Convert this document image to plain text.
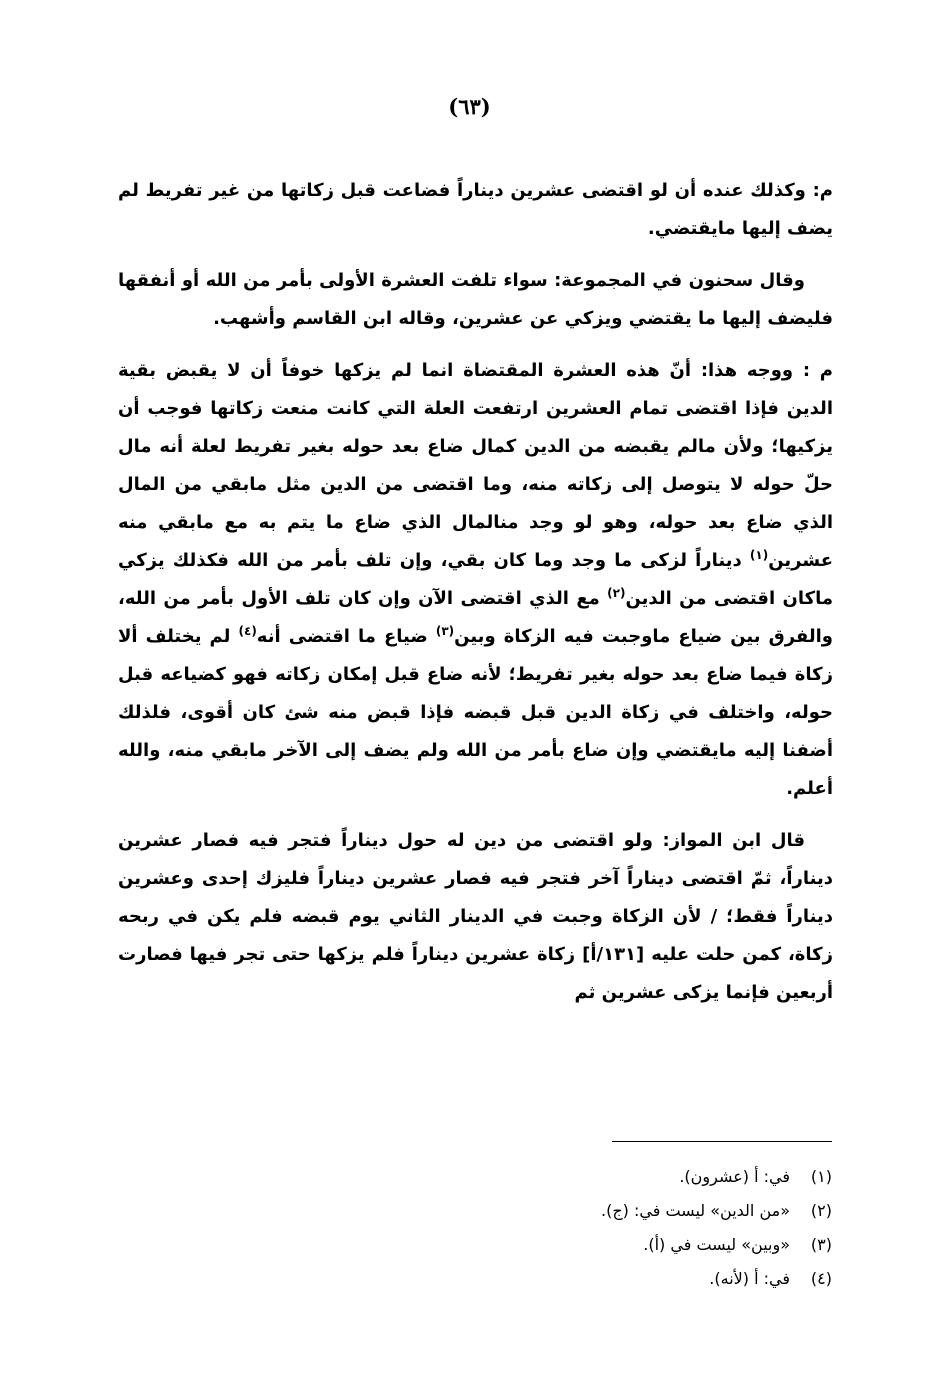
(٦٣)

م: وكذلك عنده أن لو اقتضى عشرين ديناراً فضاعت قبل زكاتها من غير تفريط لم يضف إليها مايقتضي.

وقال سحنون في المجموعة: سواء تلفت العشرة الأولى بأمر من الله أو أنفقها فليضف إليها ما يقتضي ويزكي عن عشرين، وقاله ابن القاسم وأشهب.

م : ووجه هذا: أنّ هذه العشرة المقتضاة انما لم يزكها خوفاً أن لا يقبض بقية الدين فإذا اقتضى تمام العشرين ارتفعت العلة التي كانت منعت زكاتها فوجب أن يزكيها؛ ولأن مالم يقبضه من الدين كمال ضاع بعد حوله بغير تفريط لعلة أنه مال حلّ حوله لا يتوصل إلى زكاته منه، وما اقتضى من الدين مثل مابقي من المال الذي ضاع بعد حوله، وهو لو وجد منالمال الذي ضاع ما يتم به مع مابقي منه عشرين$^{(١)}$ ديناراً لزكى ما وجد وما كان بقي، وإن تلف بأمر من الله فكذلك يزكي ماكان اقتضى من الدين$^{(٢)}$ مع الذي اقتضى الآن وإن كان تلف الأول بأمر من الله، والفرق بين ضياع ماوجبت فيه الزكاة وبين$^{(٣)}$ ضياع ما اقتضى أنه$^{(٤)}$ لم يختلف ألا زكاة فيما ضاع بعد حوله بغير تفريط؛ لأنه ضاع قبل إمكان زكاته فهو كضياعه قبل حوله، واختلف في زكاة الدين قبل قبضه فإذا قبض منه شئ كان أقوى، فلذلك أضفنا إليه مايقتضي وإن ضاع بأمر من الله ولم يضف إلى الآخر مابقي منه، والله أعلم.

قال ابن المواز: ولو اقتضى من دين له حول ديناراً فتجر فيه فصار عشرين ديناراً، ثمّ اقتضى ديناراً آخر فتجر فيه فصار عشرين ديناراً فليزك إحدى وعشرين ديناراً فقط؛ / لأن الزكاة وجبت في الدينار الثاني يوم قبضه فلم يكن في ربحه زكاة، كمن حلت عليه [١٣١/أ] زكاة عشرين ديناراً فلم يزكها حتى تجر فيها فصارت أربعين فإنما يزكى عشرين ثم

(١)
في: أ (عشرون).
(٢)
«من الدين» ليست في: (ج).
(٣)
«وبين» ليست في (أ).
(٤)
في: أ (لأنه).
